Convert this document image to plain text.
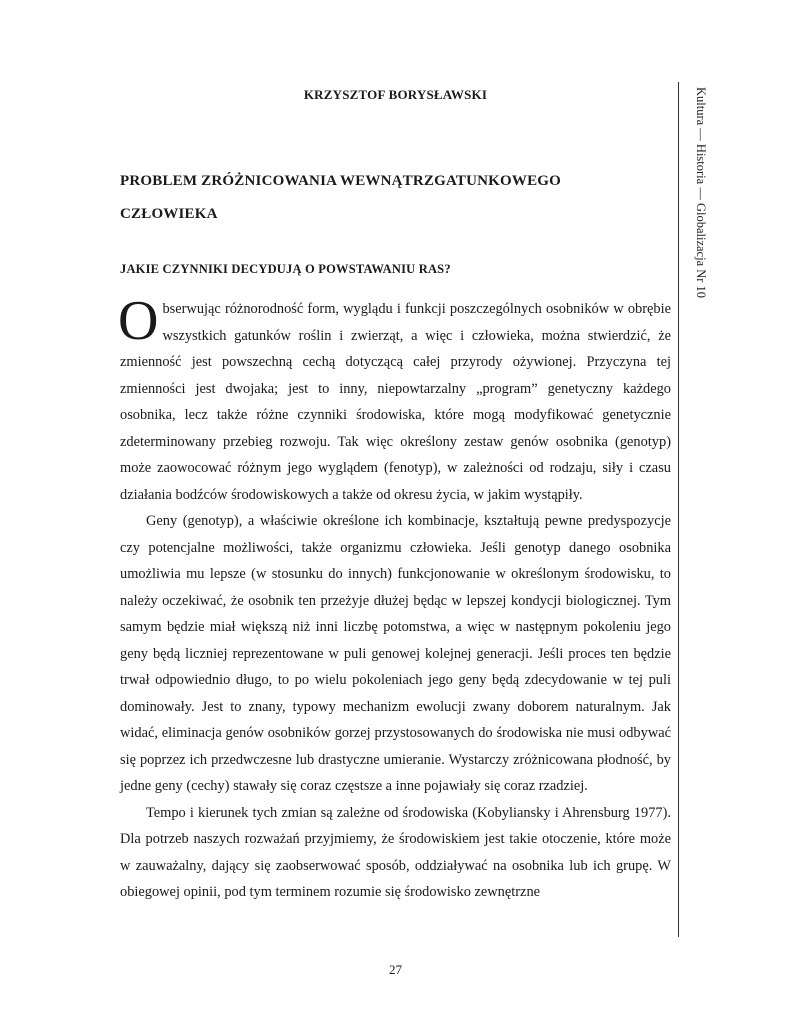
KRZYSZTOF BORYSŁAWSKI
PROBLEM ZRÓŻNICOWANIA WEWNĄTRZGATUNKOWEGO
CZŁOWIEKA
JAKIE CZYNNIKI DECYDUJĄ O POWSTAWANIU RAS?

Obserwując różnorodność form, wyglądu i funkcji poszczególnych osobników w obrębie wszystkich gatunków roślin i zwierząt, a więc i człowieka, można stwierdzić, że zmienność jest powszechną cechą dotyczącą całej przyrody ożywionej. Przyczyna tej zmienności jest dwojaka; jest to inny, niepowtarzalny „program” genetyczny każdego osobnika, lecz także różne czynniki środowiska, które mogą modyfikować genetycznie zdeterminowany przebieg rozwoju. Tak więc określony zestaw genów osobnika (genotyp) może zaowocować różnym jego wyglądem (fenotyp), w zależności od rodzaju, siły i czasu działania bodźców środowiskowych a także od okresu życia, w jakim wystąpiły.

Geny (genotyp), a właściwie określone ich kombinacje, kształtują pewne predyspozycje czy potencjalne możliwości, także organizmu człowieka. Jeśli genotyp danego osobnika umożliwia mu lepsze (w stosunku do innych) funkcjonowanie w określonym środowisku, to należy oczekiwać, że osobnik ten przeżyje dłużej będąc w lepszej kondycji biologicznej. Tym samym będzie miał większą niż inni liczbę potomstwa, a więc w następnym pokoleniu jego geny będą liczniej reprezentowane w puli genowej kolejnej generacji. Jeśli proces ten będzie trwał odpowiednio długo, to po wielu pokoleniach jego geny będą zdecydowanie w tej puli dominowały. Jest to znany, typowy mechanizm ewolucji zwany doborem naturalnym. Jak widać, eliminacja genów osobników gorzej przystosowanych do środowiska nie musi odbywać się poprzez ich przedwczesne lub drastyczne umieranie. Wystarczy zróżnicowana płodność, by jedne geny (cechy) stawały się coraz częstsze a inne pojawiały się coraz rzadziej.

Tempo i kierunek tych zmian są zależne od środowiska (Kobyliansky i Ahrensburg 1977). Dla potrzeb naszych rozważań przyjmiemy, że środowiskiem jest takie otoczenie, które może w zauważalny, dający się zaobserwować sposób, oddziaływać na osobnika lub ich grupę. W obiegowej opinii, pod tym terminem rozumie się środowisko zewnętrzne

Kultura — Historia — Globalizacja Nr 10
27
